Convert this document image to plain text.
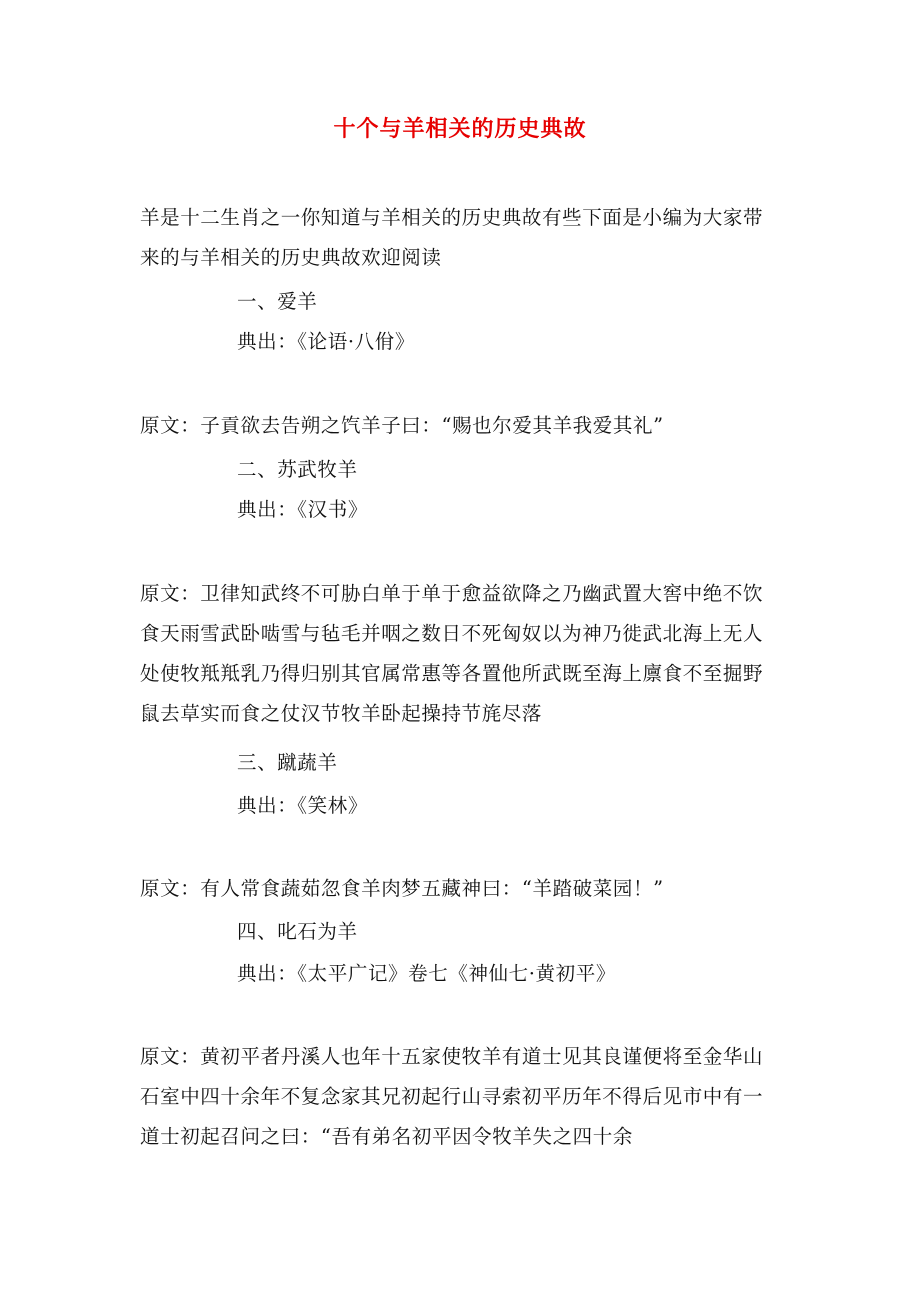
十个与羊相关的历史典故

羊是十二生肖之一你知道与羊相关的历史典故有些下面是小编为大家带来的与羊相关的历史典故欢迎阅读

一、爱羊

典出：《论语·八佾》

原文：子貢欲去告朔之饩羊子曰：“赐也尔爱其羊我爱其礼”

二、苏武牧羊

典出：《汉书》

原文：卫律知武终不可胁白单于单于愈益欲降之乃幽武置大窖中绝不饮食天雨雪武卧啮雪与毡毛并咽之数日不死匈奴以为神乃徙武北海上无人处使牧羝羝乳乃得归别其官属常惠等各置他所武既至海上廪食不至掘野鼠去草实而食之仗汉节牧羊卧起操持节旄尽落

三、蹴蔬羊

典出：《笑林》

原文：有人常食蔬茹忽食羊肉梦五藏神曰：“羊踏破菜园！”

四、叱石为羊

典出：《太平广记》卷七《神仙七·黄初平》

原文：黄初平者丹溪人也年十五家使牧羊有道士见其良谨便将至金华山石室中四十余年不复念家其兄初起行山寻索初平历年不得后见市中有一道士初起召问之曰：“吾有弟名初平因令牧羊失之四十余
